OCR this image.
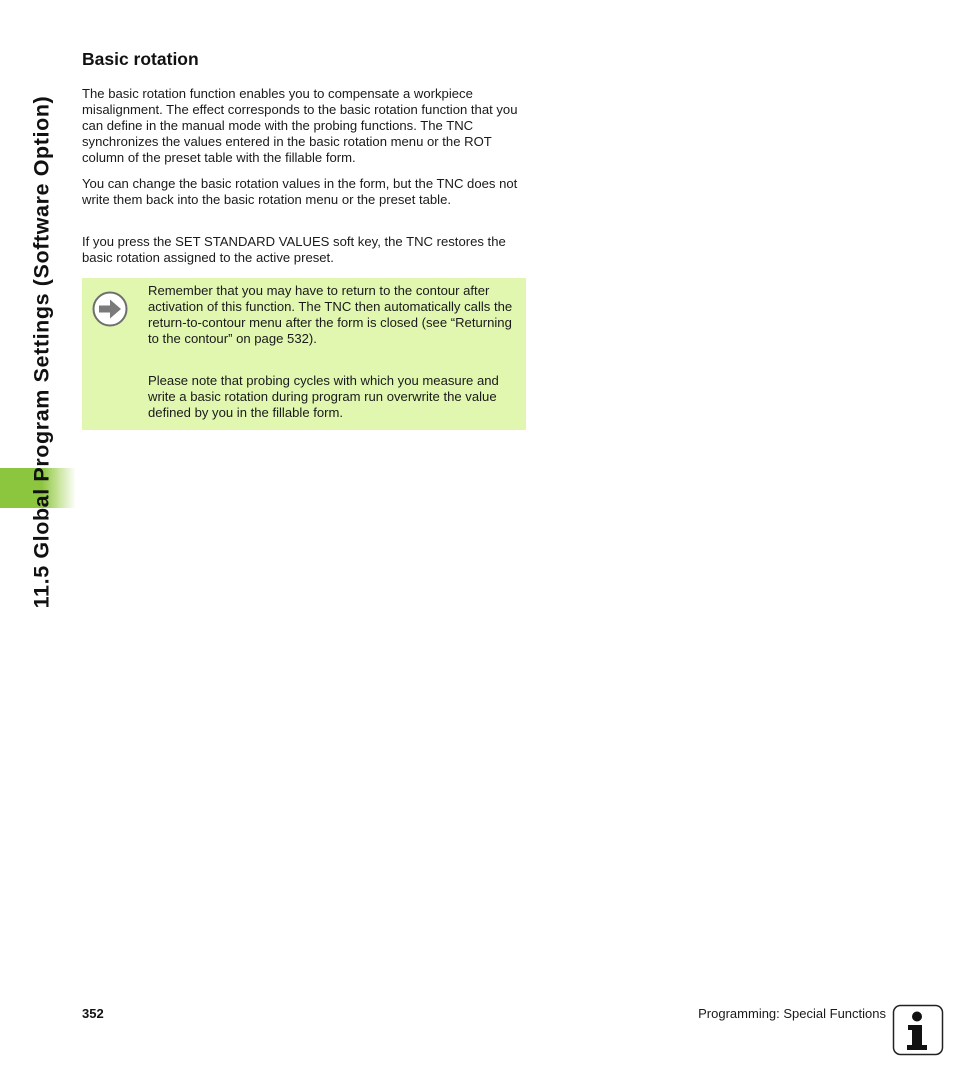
11.5 Global Program Settings (Software Option)
Basic rotation

The basic rotation function enables you to compensate a workpiece misalignment. The effect corresponds to the basic rotation function that you can define in the manual mode with the probing functions. The TNC synchronizes the values entered in the basic rotation menu or the ROT column of the preset table with the fillable form.

You can change the basic rotation values in the form, but the TNC does not write them back into the basic rotation menu or the preset table.

If you press the SET STANDARD VALUES soft key, the TNC restores the basic rotation assigned to the active preset.

Remember that you may have to return to the contour after activation of this function. The TNC then automatically calls the return-to-contour menu after the form is closed (see “Returning to the contour” on page 532).

Please note that probing cycles with which you measure and write a basic rotation during program run overwrite the value defined by you in the fillable form.

352	Programming: Special Functions
